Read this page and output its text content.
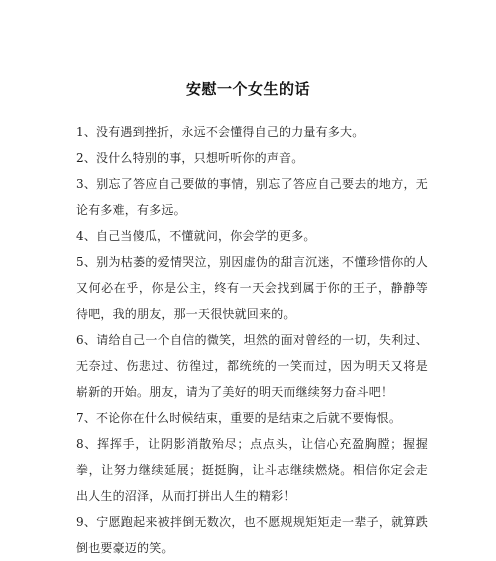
安慰一个女生的话

1、没有遇到挫折，永远不会懂得自己的力量有多大。

2、没什么特别的事，只想听听你的声音。

3、别忘了答应自己要做的事情，别忘了答应自己要去的地方，无论有多难，有多远。

4、自己当傻瓜，不懂就问，你会学的更多。

5、别为枯萎的爱情哭泣，别因虚伪的甜言沉迷，不懂珍惜你的人又何必在乎，你是公主，终有一天会找到属于你的王子，静静等待吧，我的朋友，那一天很快就回来的。

6、请给自己一个自信的微笑，坦然的面对曾经的一切，失利过、无奈过、伤悲过、彷徨过，都统统的一笑而过，因为明天又将是崭新的开始。朋友，请为了美好的明天而继续努力奋斗吧！

7、不论你在什么时候结束，重要的是结束之后就不要悔恨。

8、挥挥手，让阴影消散殆尽；点点头，让信心充盈胸膛；握握拳，让努力继续延展；挺挺胸，让斗志继续燃烧。相信你定会走出人生的沼泽，从而打拼出人生的精彩！

9、宁愿跑起来被拌倒无数次，也不愿规规矩矩走一辈子，就算跌倒也要豪迈的笑。
